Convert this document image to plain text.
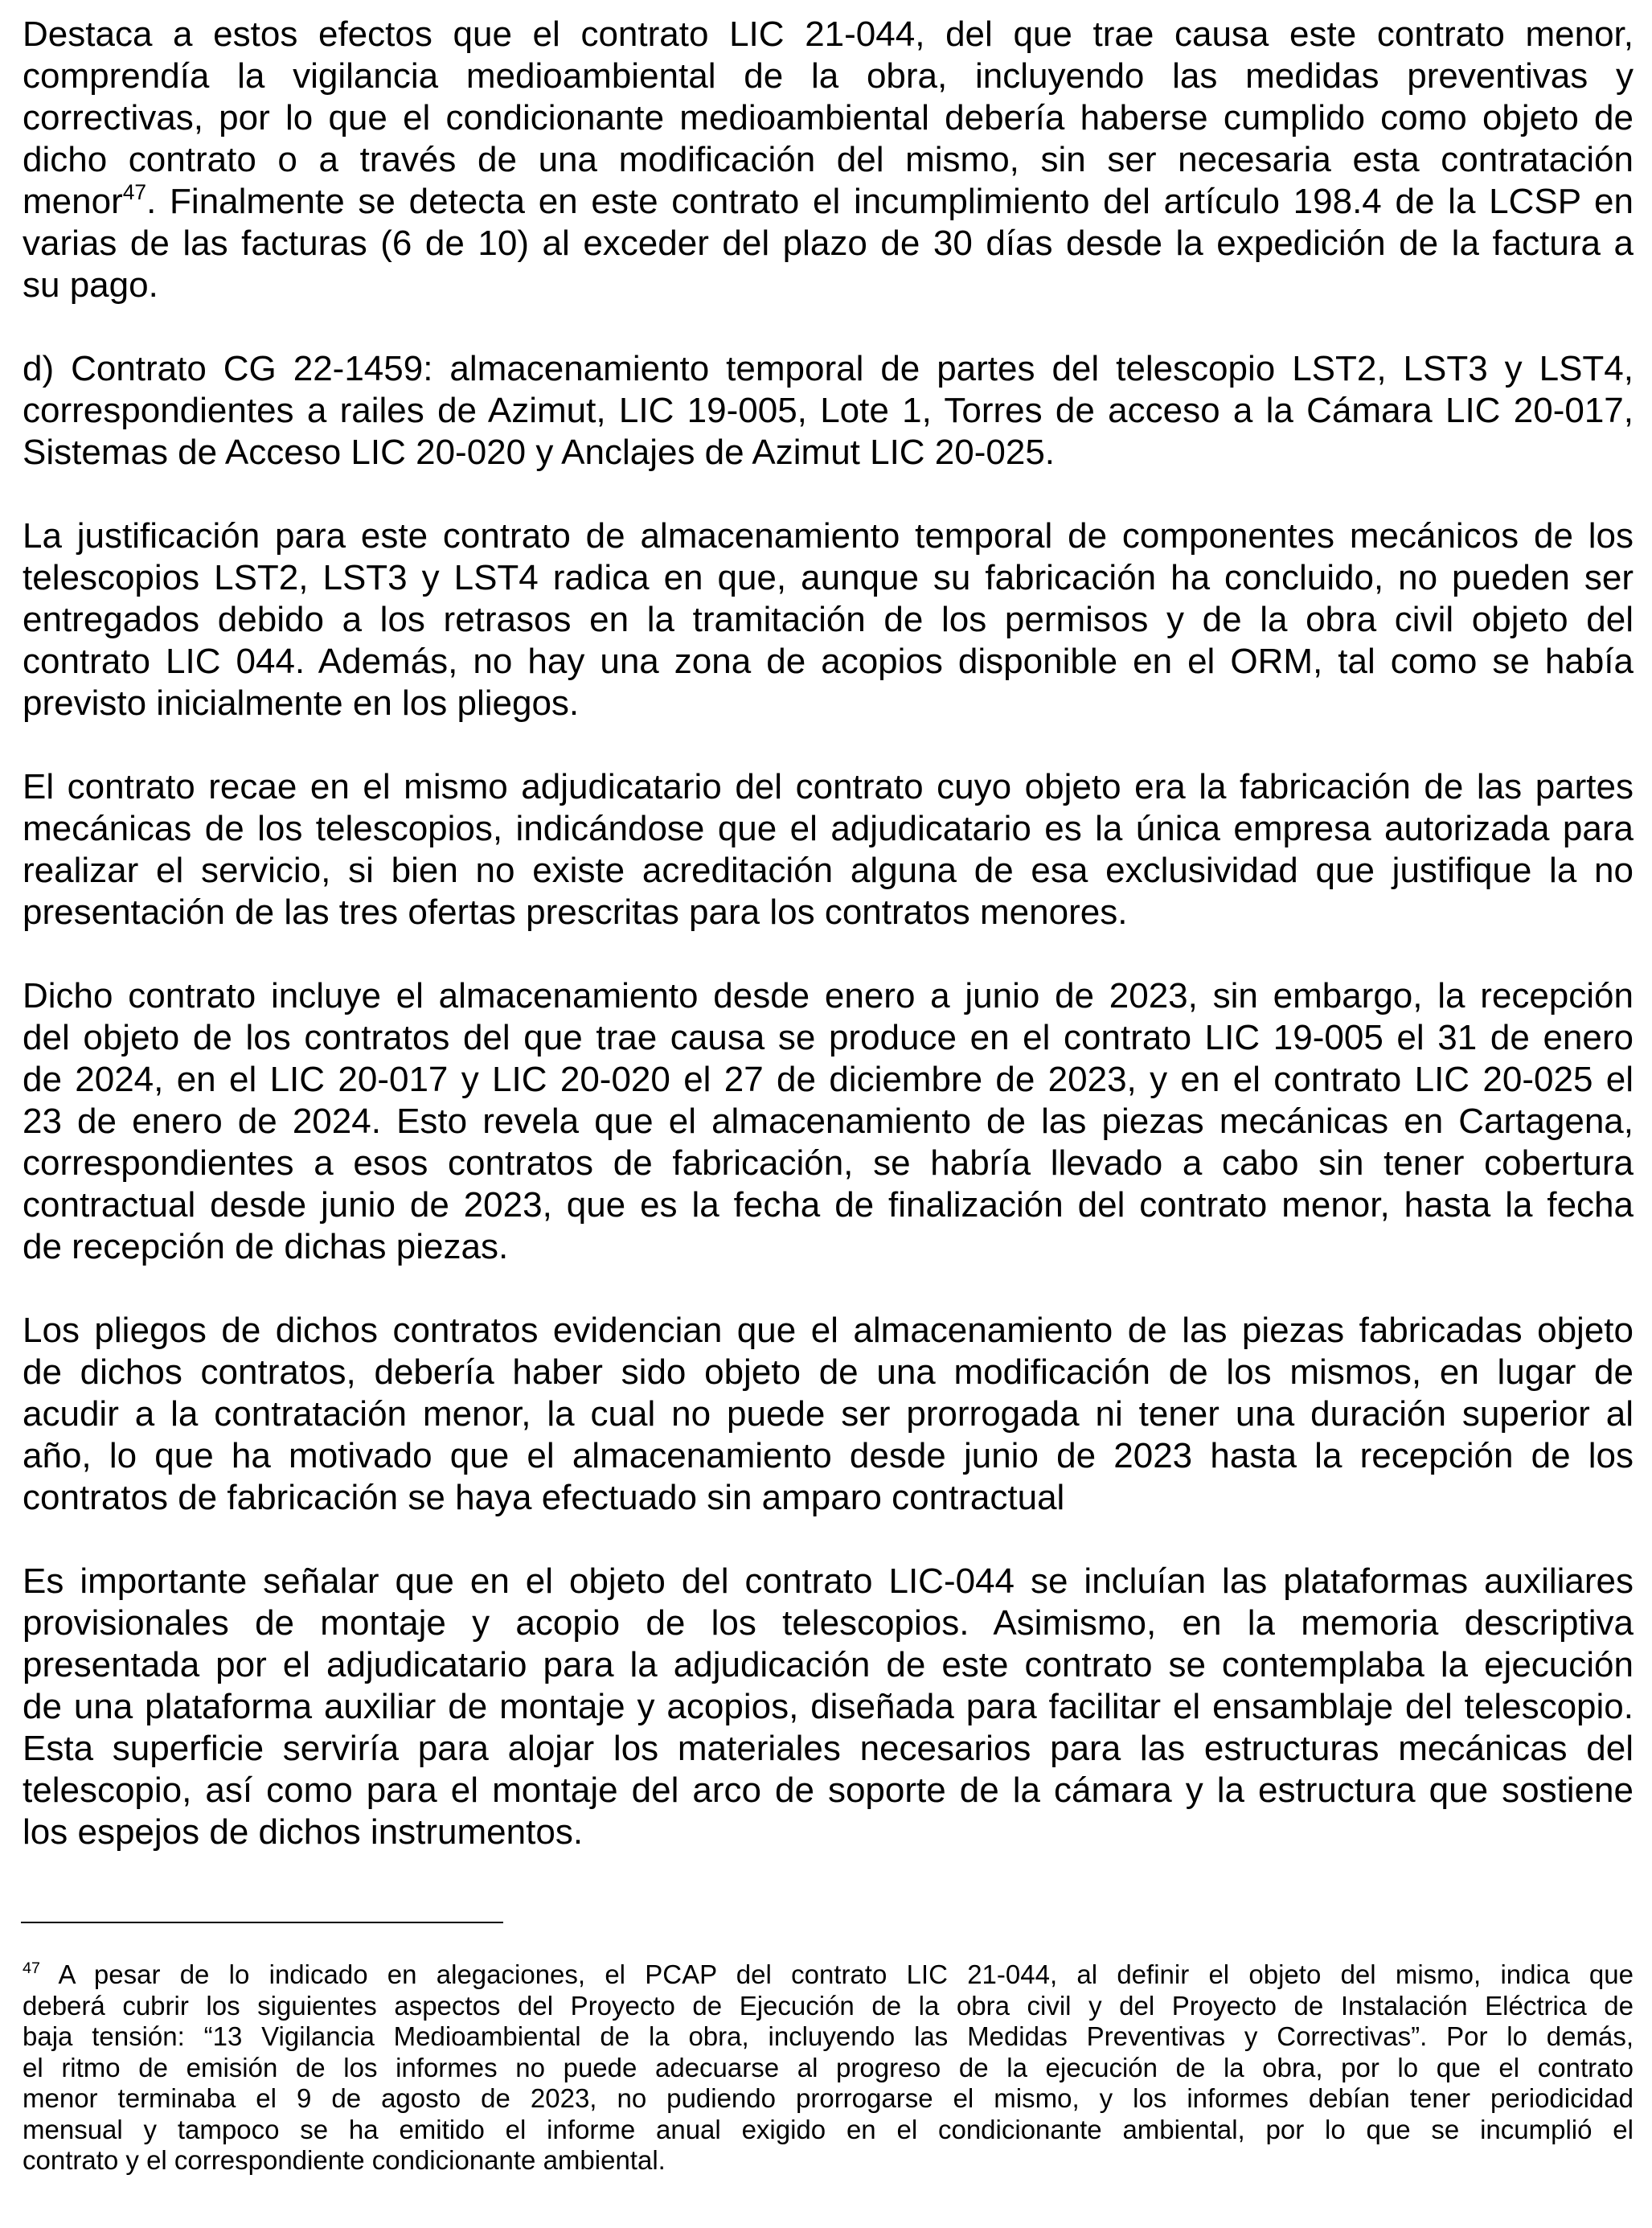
Destaca a estos efectos que el contrato LIC 21-044, del que trae causa este contrato menor,
comprendía la vigilancia medioambiental de la obra, incluyendo las medidas preventivas y
correctivas, por lo que el condicionante medioambiental debería haberse cumplido como objeto de
dicho contrato o a través de una modificación del mismo, sin ser necesaria esta contratación
menor$^{47}$. Finalmente se detecta en este contrato el incumplimiento del artículo 198.4 de la LCSP en
varias de las facturas (6 de 10) al exceder del plazo de 30 días desde la expedición de la factura a
su pago.
d) Contrato CG 22-1459: almacenamiento temporal de partes del telescopio LST2, LST3 y LST4,
correspondientes a railes de Azimut, LIC 19-005, Lote 1, Torres de acceso a la Cámara LIC 20-017,
Sistemas de Acceso LIC 20-020 y Anclajes de Azimut LIC 20-025.
La justificación para este contrato de almacenamiento temporal de componentes mecánicos de los
telescopios LST2, LST3 y LST4 radica en que, aunque su fabricación ha concluido, no pueden ser
entregados debido a los retrasos en la tramitación de los permisos y de la obra civil objeto del
contrato LIC 044. Además, no hay una zona de acopios disponible en el ORM, tal como se había
previsto inicialmente en los pliegos.
El contrato recae en el mismo adjudicatario del contrato cuyo objeto era la fabricación de las partes
mecánicas de los telescopios, indicándose que el adjudicatario es la única empresa autorizada para
realizar el servicio, si bien no existe acreditación alguna de esa exclusividad que justifique la no
presentación de las tres ofertas prescritas para los contratos menores.
Dicho contrato incluye el almacenamiento desde enero a junio de 2023, sin embargo, la recepción
del objeto de los contratos del que trae causa se produce en el contrato LIC 19-005 el 31 de enero
de 2024, en el LIC 20-017 y LIC 20-020 el 27 de diciembre de 2023, y en el contrato LIC 20-025 el
23 de enero de 2024. Esto revela que el almacenamiento de las piezas mecánicas en Cartagena,
correspondientes a esos contratos de fabricación, se habría llevado a cabo sin tener cobertura
contractual desde junio de 2023, que es la fecha de finalización del contrato menor, hasta la fecha
de recepción de dichas piezas.
Los pliegos de dichos contratos evidencian que el almacenamiento de las piezas fabricadas objeto
de dichos contratos, debería haber sido objeto de una modificación de los mismos, en lugar de
acudir a la contratación menor, la cual no puede ser prorrogada ni tener una duración superior al
año, lo que ha motivado que el almacenamiento desde junio de 2023 hasta la recepción de los
contratos de fabricación se haya efectuado sin amparo contractual
Es importante señalar que en el objeto del contrato LIC-044 se incluían las plataformas auxiliares
provisionales de montaje y acopio de los telescopios. Asimismo, en la memoria descriptiva
presentada por el adjudicatario para la adjudicación de este contrato se contemplaba la ejecución
de una plataforma auxiliar de montaje y acopios, diseñada para facilitar el ensamblaje del telescopio.
Esta superficie serviría para alojar los materiales necesarios para las estructuras mecánicas del
telescopio, así como para el montaje del arco de soporte de la cámara y la estructura que sostiene
los espejos de dichos instrumentos.
$^{47}$ A pesar de lo indicado en alegaciones, el PCAP del contrato LIC 21-044, al definir el objeto del mismo, indica que
deberá cubrir los siguientes aspectos del Proyecto de Ejecución de la obra civil y del Proyecto de Instalación Eléctrica de
baja tensión: “13 Vigilancia Medioambiental de la obra, incluyendo las Medidas Preventivas y Correctivas”. Por lo demás,
el ritmo de emisión de los informes no puede adecuarse al progreso de la ejecución de la obra, por lo que el contrato
menor terminaba el 9 de agosto de 2023, no pudiendo prorrogarse el mismo, y los informes debían tener periodicidad
mensual y tampoco se ha emitido el informe anual exigido en el condicionante ambiental, por lo que se incumplió el
contrato y el correspondiente condicionante ambiental.
